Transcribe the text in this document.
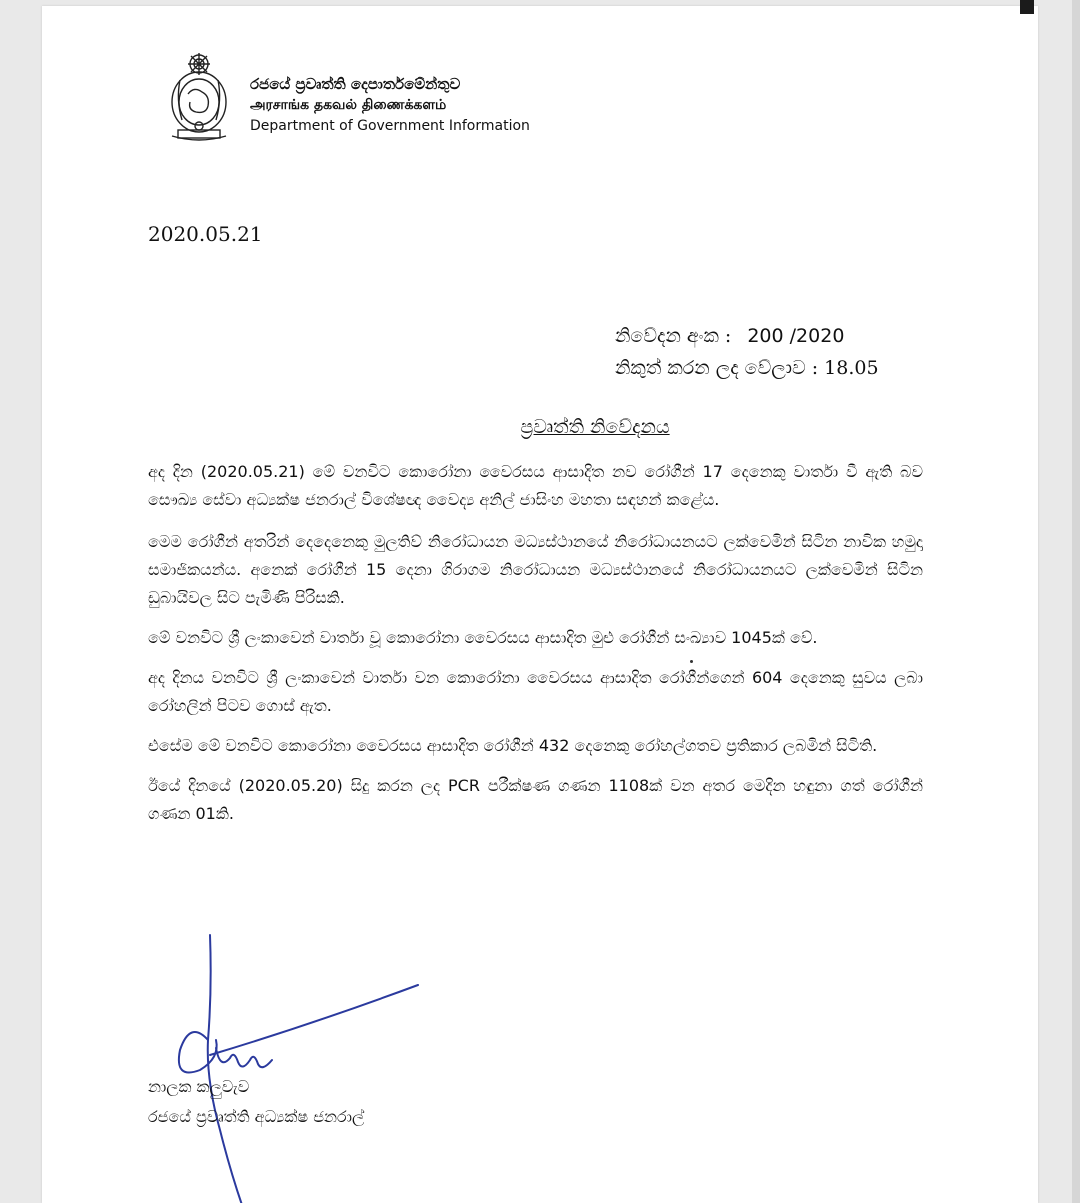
රජයේ ප්‍රවෘත්ති දෙපාර්තමේන්තුව
அரசாங்க தகவல் திணைக்களம்
Department of Government Information
2020.05.21
නිවේදන අංක : 200 /2020
නිකුත් කරන ලද වේලාව : 18.05
ප්‍රවෘත්ති නිවේදනය

අද දින (2020.05.21) මේ වනවිට කොරෝනා වෛරසය ආසාදිත නව රෝගීන් 17 දෙනෙකු වාර්තා වී ඇති බව සෞඛ්‍ය සේවා අධ්‍යක්ෂ ජනරාල් විශේෂඥ වෛද්‍ය අනිල් ජාසිංහ මහතා සඳහන් කළේය.

මෙම රෝගීන් අතරින් දෙදෙනෙකු මුලතිව් නිරෝධායන මධ්‍යස්ථානයේ නිරෝධායනයට ලක්වෙමින් සිටින නාවික හමුදා සමාජිකයන්ය. අනෙක් රෝගීන් 15 දෙනා ගිරාගම නිරෝධායන මධ්‍යස්ථානයේ නිරෝධායනයට ලක්වෙමින් සිටින ඩුබායිවල සිට පැමිණි පිරිසකි.

මේ වනවිට ශ්‍රී ලංකාවෙන් වාර්තා වූ කොරෝනා වෛරසය ආසාදිත මුළු රෝගීන් සංඛ්‍යාව 1045ක් වේ.

අද දිනය වනවිට ශ්‍රී ලංකාවෙන් වාර්තා වන කොරෝනා වෛරසය ආසාදිත රෝගීන්ගෙන් 604 දෙනෙකු සුවය ලබා රෝහලින් පිටව ගොස් ඇත.

එසේම මේ වනවිට කොරෝනා වෛරසය ආසාදිත රෝගීන් 432 දෙනෙකු රෝහල්ගතව ප්‍රතිකාර ලබමින් සිටිති.

ඊයේ දිනයේ (2020.05.20) සිදු කරන ලද PCR පරීක්ෂණ ගණන 1108ක් වන අතර මෙදින හඳුනා ගත් රෝගීන් ගණන 01කි.

නාලක කලුවැව
රජයේ ප්‍රවෘත්ති අධ්‍යක්ෂ ජනරාල්
